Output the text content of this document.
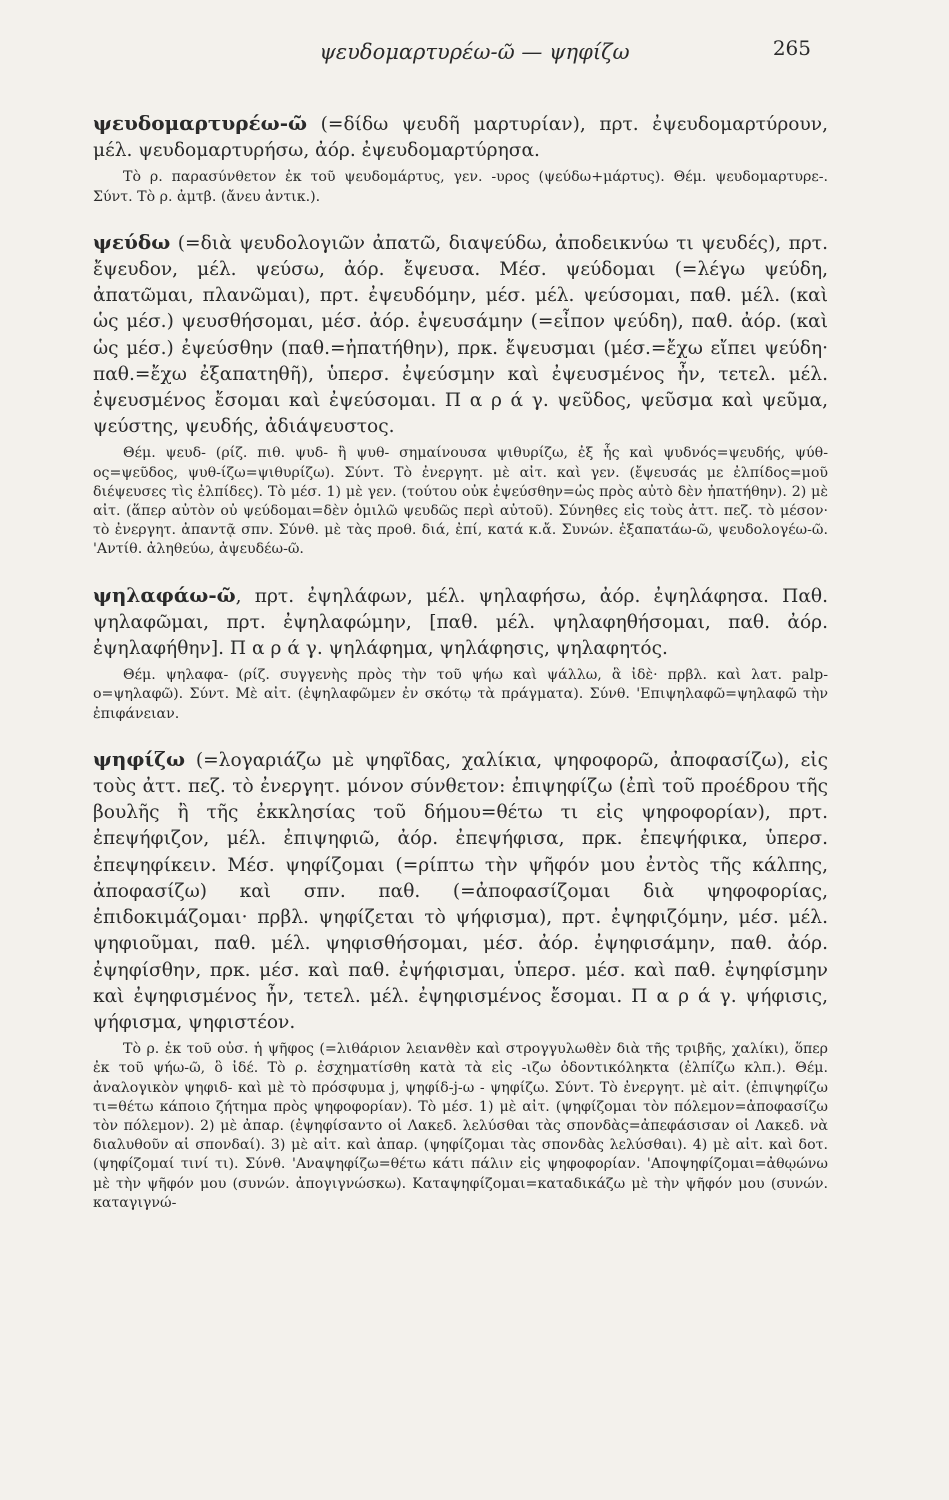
ψευδομαρτυρέω-ῶ — ψηφίζω	265

ψευδομαρτυρέω-ῶ (=δίδω ψευδῆ μαρτυρίαν), πρτ. ἐψευδομαρτύρουν, μέλ. ψευδομαρτυρήσω, ἀόρ. ἐψευδομαρτύρησα.

Τὸ ρ. παρασύνθετον ἐκ τοῦ ψευδομάρτυς, γεν. -υρος (ψεύδω+μάρτυς). Θέμ. ψευδομαρτυρε-. Σύντ. Τὸ ρ. ἀμτβ. (ἄνευ ἀντικ.).

ψεύδω (=διὰ ψευδολογιῶν ἀπατῶ, διαψεύδω, ἀποδεικνύω τι ψευδές), πρτ. ἔψευδον, μέλ. ψεύσω, ἀόρ. ἔψευσα. Μέσ. ψεύδομαι (=λέγω ψεύδη, ἀπατῶμαι, πλανῶμαι), πρτ. ἐψευδόμην, μέσ. μέλ. ψεύσομαι, παθ. μέλ. (καὶ ὡς μέσ.) ψευσθήσομαι, μέσ. ἀόρ. ἐψευσάμην (=εἶπον ψεύδη), παθ. ἀόρ. (καὶ ὡς μέσ.) ἐψεύσθην (παθ.=ἠπατήθην), πρκ. ἔψευσμαι (μέσ.=ἔχω εἴπει ψεύδη· παθ.=ἔχω ἐξαπατηθῆ), ὑπερσ. ἐψεύσμην καὶ ἐψευσμένος ἦν, τετελ. μέλ. ἐψευσμένος ἔσομαι καὶ ἐψεύσομαι. Π α ρ ά γ. ψεῦδος, ψεῦσμα καὶ ψεῦμα, ψεύστης, ψευδής, ἀδιάψευστος.

Θέμ. ψευδ- (ρίζ. πιθ. ψυδ- ἢ ψυθ- σημαίνουσα ψιθυρίζω, ἐξ ἧς καὶ ψυδνός=ψευδής, ψύθ-ος=ψεῦδος, ψυθ-ίζω=ψιθυρίζω). Σύντ. Τὸ ἐνεργητ. μὲ αἰτ. καὶ γεν. (ἔψευσάς με ἐλπίδος=μοῦ διέψευσες τὶς ἐλπίδες). Τὸ μέσ. 1) μὲ γεν. (τούτου οὐκ ἐψεύσθην=ὡς πρὸς αὐτὸ δὲν ἠπατήθην). 2) μὲ αἰτ. (ἅπερ αὐτὸν οὐ ψεύδομαι=δὲν ὁμιλῶ ψευδῶς περὶ αὐτοῦ). Σύνηθες εἰς τοὺς ἀττ. πεζ. τὸ μέσον· τὸ ἐνεργητ. ἀπαντᾷ σπν. Σύνθ. μὲ τὰς προθ. διά, ἐπί, κατά κ.ἄ. Συνών. ἐξαπατάω-ῶ, ψευδολογέω-ῶ. 'Αντίθ. ἀληθεύω, ἀψευδέω-ῶ.

ψηλαφάω-ῶ, πρτ. ἐψηλάφων, μέλ. ψηλαφήσω, ἀόρ. ἐψηλάφησα. Παθ. ψηλαφῶμαι, πρτ. ἐψηλαφώμην, [παθ. μέλ. ψηλαφηθήσομαι, παθ. ἀόρ. ἐψηλαφήθην]. Π α ρ ά γ. ψηλάφημα, ψηλάφησις, ψηλαφητός.

Θέμ. ψηλαφα- (ρίζ. συγγενὴς πρὸς τὴν τοῦ ψήω καὶ ψάλλω, ἃ ἰδὲ· πρβλ. καὶ λατ. palp-o=ψηλαφῶ). Σύντ. Μὲ αἰτ. (ἐψηλαφῶμεν ἐν σκότῳ τὰ πράγματα). Σύνθ. 'Επιψηλαφῶ=ψηλαφῶ τὴν ἐπιφάνειαν.

ψηφίζω (=λογαριάζω μὲ ψηφῖδας, χαλίκια, ψηφοφορῶ, ἀποφασίζω), εἰς τοὺς ἀττ. πεζ. τὸ ἐνεργητ. μόνον σύνθετον: ἐπιψηφίζω (ἐπὶ τοῦ προέδρου τῆς βουλῆς ἢ τῆς ἐκκλησίας τοῦ δήμου=θέτω τι εἰς ψηφοφορίαν), πρτ. ἐπεψήφιζον, μέλ. ἐπιψηφιῶ, ἀόρ. ἐπεψήφισα, πρκ. ἐπεψήφικα, ὑπερσ. ἐπεψηφίκειν. Μέσ. ψηφίζομαι (=ρίπτω τὴν ψῆφόν μου ἐντὸς τῆς κάλπης, ἀποφασίζω) καὶ σπν. παθ. (=ἀποφασίζομαι διὰ ψηφοφορίας, ἐπιδοκιμάζομαι· πρβλ. ψηφίζεται τὸ ψήφισμα), πρτ. ἐψηφιζόμην, μέσ. μέλ. ψηφιοῦμαι, παθ. μέλ. ψηφισθήσομαι, μέσ. ἀόρ. ἐψηφισάμην, παθ. ἀόρ. ἐψηφίσθην, πρκ. μέσ. καὶ παθ. ἐψήφισμαι, ὑπερσ. μέσ. καὶ παθ. ἐψηφίσμην καὶ ἐψηφισμένος ἦν, τετελ. μέλ. ἐψηφισμένος ἔσομαι. Π α ρ ά γ. ψήφισις, ψήφισμα, ψηφιστέον.

Τὸ ρ. ἐκ τοῦ οὐσ. ἡ ψῆφος (=λιθάριον λειανθὲν καὶ στρογγυλωθὲν διὰ τῆς τριβῆς, χαλίκι), ὅπερ ἐκ τοῦ ψήω-ῶ, ὃ ἰδέ. Τὸ ρ. ἐσχηματίσθη κατὰ τὰ εἰς -ιζω ὀδοντικόληκτα (ἐλπίζω κλπ.). Θέμ. ἀναλογικὸν ψηφιδ- καὶ μὲ τὸ πρόσφυμα j, ψηφίδ-j-ω - ψηφίζω. Σύντ. Τὸ ἐνεργητ. μὲ αἰτ. (ἐπιψηφίζω τι=θέτω κάποιο ζήτημα πρὸς ψηφοφορίαν). Τὸ μέσ. 1) μὲ αἰτ. (ψηφίζομαι τὸν πόλεμον=ἀποφασίζω τὸν πόλεμον). 2) μὲ ἀπαρ. (ἐψηφίσαντο οἱ Λακεδ. λελύσθαι τὰς σπονδὰς=ἀπεφάσισαν οἱ Λακεδ. νὰ διαλυθοῦν αἱ σπονδαί). 3) μὲ αἰτ. καὶ ἀπαρ. (ψηφίζομαι τὰς σπονδὰς λελύσθαι). 4) μὲ αἰτ. καὶ δοτ. (ψηφίζομαί τινί τι). Σύνθ. 'Αναψηφίζω=θέτω κάτι πάλιν εἰς ψηφοφορίαν. 'Αποψηφίζομαι=ἀθῳώνω μὲ τὴν ψῆφόν μου (συνών. ἀπογιγνώσκω). Καταψηφίζομαι=καταδικάζω μὲ τὴν ψῆφόν μου (συνών. καταγιγνώ-
